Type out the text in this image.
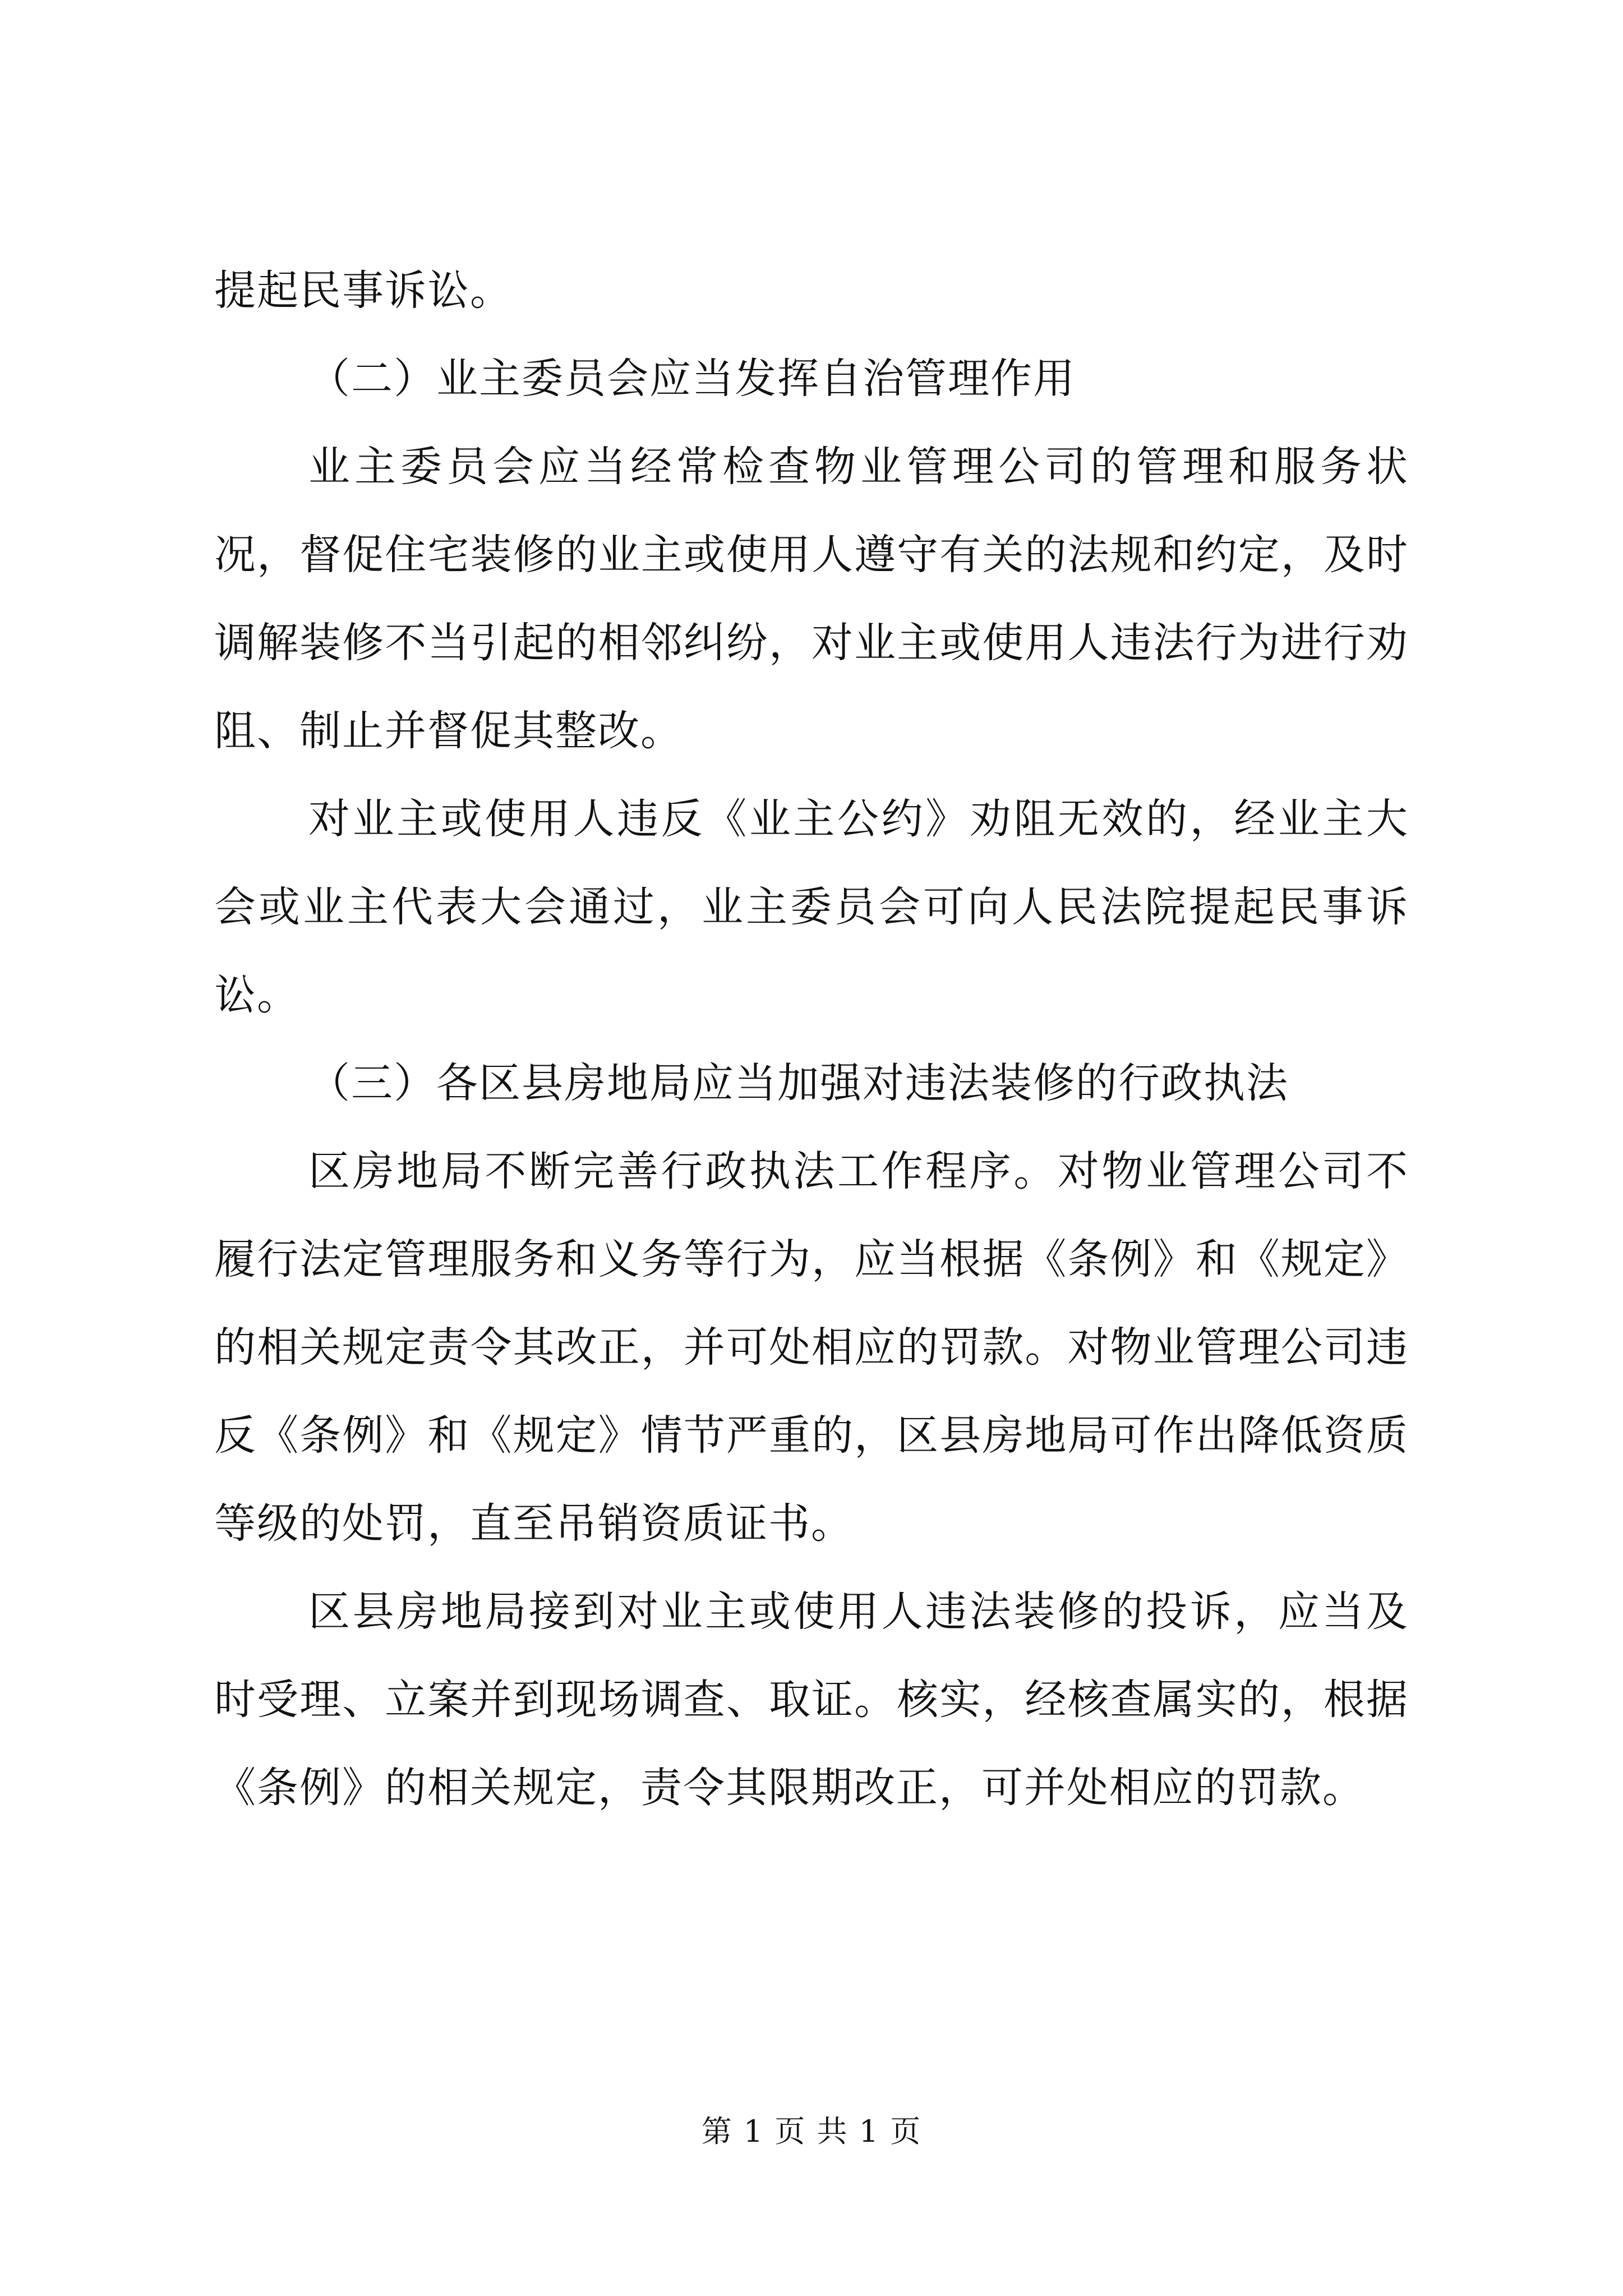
提起民事诉讼。

（二）业主委员会应当发挥自治管理作用

业主委员会应当经常检查物业管理公司的管理和服务状况，督促住宅装修的业主或使用人遵守有关的法规和约定，及时调解装修不当引起的相邻纠纷，对业主或使用人违法行为进行劝阻、制止并督促其整改。

对业主或使用人违反《业主公约》劝阻无效的，经业主大会或业主代表大会通过，业主委员会可向人民法院提起民事诉讼。

（三）各区县房地局应当加强对违法装修的行政执法

区房地局不断完善行政执法工作程序。对物业管理公司不履行法定管理服务和义务等行为，应当根据《条例》和《规定》的相关规定责令其改正，并可处相应的罚款。对物业管理公司违反《条例》和《规定》情节严重的，区县房地局可作出降低资质等级的处罚，直至吊销资质证书。

区县房地局接到对业主或使用人违法装修的投诉，应当及时受理、立案并到现场调查、取证。核实，经核查属实的，根据《条例》的相关规定，责令其限期改正，可并处相应的罚款。

第 1 页 共 1 页
